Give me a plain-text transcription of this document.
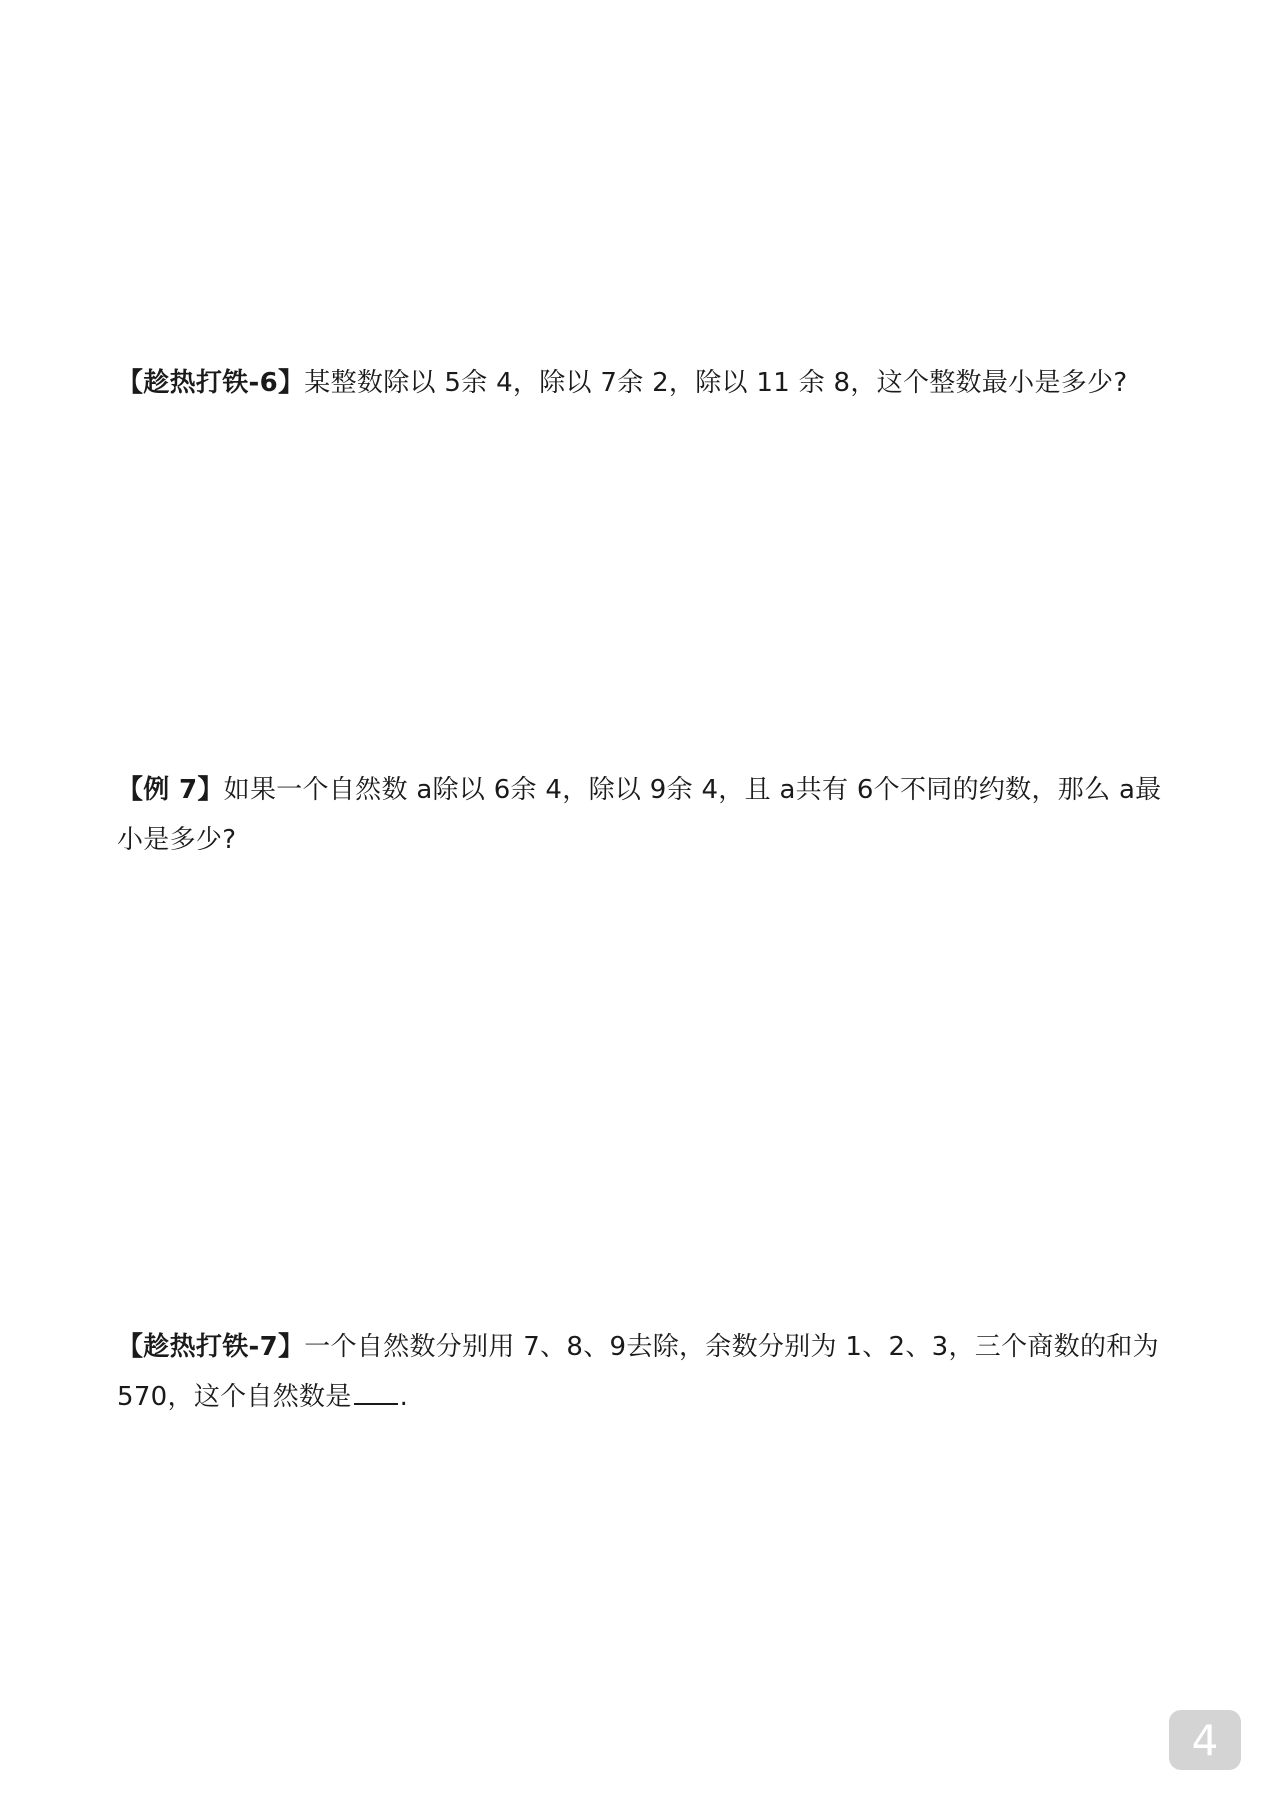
【趁热打铁-6】某整数除以 5余 4，除以 7余 2，除以 11 余 8，这个整数最小是多少?
【例 7】如果一个自然数 a除以 6余 4，除以 9余 4，且 a共有 6个不同的约数，那么 a最小是多少?
【趁热打铁-7】一个自然数分别用 7、8、9去除，余数分别为 1、2、3，三个商数的和为 570，这个自然数是 .
4
